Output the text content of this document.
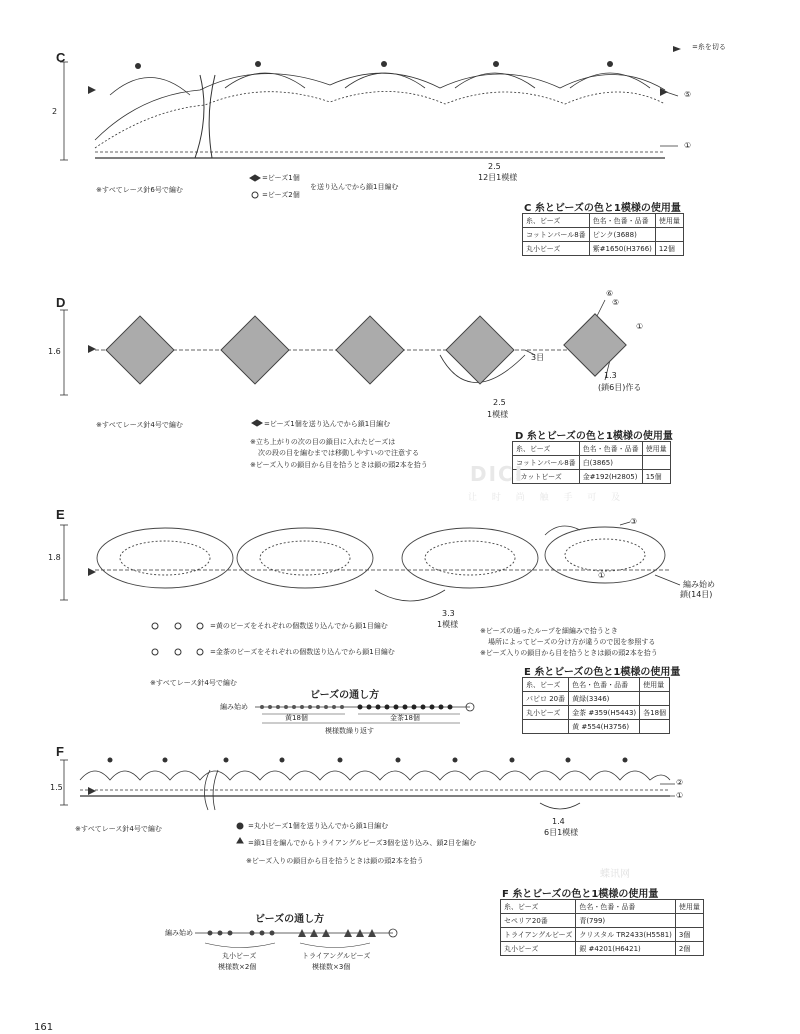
=糸を切る
C
2
2.5
12目1模様
⑤
①
※すべてレース針6号で編む
=ビーズ1個
=ビーズ2個
を送り込んでから鎖1目編む
C 糸とビーズの色と1模様の使用量
糸、ビーズ	色名・色番・品番	使用量
コットンパール8番	ピンク(3688)	
丸小ビーズ	紫#1650(H3766)	12個
D
1.6
2.5
1模様
3目
1.3
(鎖6目)作る
⑥
⑤
①
※すべてレース針4号で編む	=ビーズ1個を送り込んでから鎖1目編む
※立ち上がりの次の目の鎖目に入れたビーズは
次の段の目を編むまでは移動しやすいので注意する
※ビーズ入りの鎖目から目を拾うときは鎖の頭2本を拾う
D 糸とビーズの色と1模様の使用量
糸、ビーズ	色名・色番・品番	使用量
コットンパール8番	白(3865)	
3カットビーズ	金#192(H2805)	15個
E
1.8
3.3
1模様
編み始め
鎖(14目)
③
①
=黄のビーズをそれぞれの個数送り込んでから鎖1目編む
=金茶のビーズをそれぞれの個数送り込んでから鎖1目編む
※ビーズの通ったループを細編みで拾うとき
場所によってビーズの分け方が違うので図を参照する
※ビーズ入りの鎖目から目を拾うときは鎖の頭2本を拾う
※すべてレース針4号で編む
ビーズの通し方
編み始め
黄18個	金茶18個
模様数繰り返す
E 糸とビーズの色と1模様の使用量
糸、ビーズ	色名・色番・品番	使用量
パピロ 20番	黄緑(3346)	
丸小ビーズ	金茶 #359(H5443)	各18個
	黄 #554(H3756)	
F
1.5
1.4
6目1模様
②
①
※すべてレース針4号で編む	=丸小ビーズ1個を送り込んでから鎖1目編む
=鎖1目を編んでからトライアングルビーズ3個を送り込み、鎖2目を編む
※ビーズ入りの鎖目から目を拾うときは鎖の頭2本を拾う
ビーズの通し方
編み始め
丸小ビーズ
模様数×2個
トライアングルビーズ
模様数×3個
F 糸とビーズの色と1模様の使用量
糸、ビーズ	色名・色番・品番	使用量
セペリア20番	青(799)	
トライアングルビーズ	クリスタル TR2433(H5581)	3個
丸小ビーズ	銀 #4201(H6421)	2個
DICI
让 时 尚 触 手 可 及
蝶讯网
161
